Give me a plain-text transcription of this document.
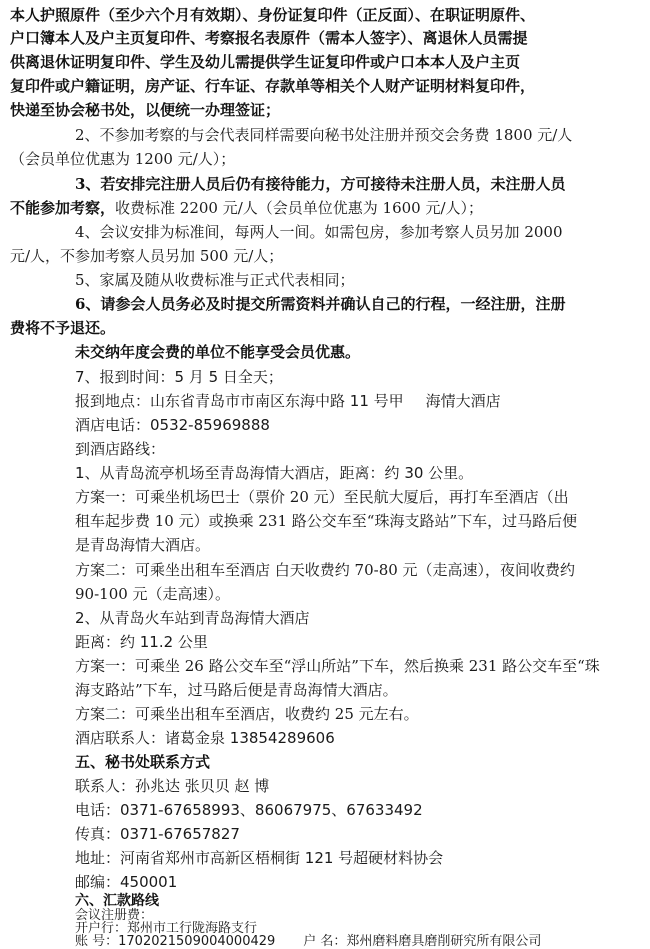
本人护照原件（至少六个月有效期）、身份证复印件（正反面）、在职证明原件、
户口簿本人及户主页复印件、考察报名表原件（需本人签字）、离退休人员需提
供离退休证明复印件、学生及幼儿需提供学生证复印件或户口本本人及户主页
复印件或户籍证明，房产证、行车证、存款单等相关个人财产证明材料复印件，
快递至协会秘书处，以便统一办理签证；
2、不参加考察的与会代表同样需要向秘书处注册并预交会务费 1800 元/人
（会员单位优惠为 1200 元/人）；
3、若安排完注册人员后仍有接待能力，方可接待未注册人员，未注册人员
不能参加考察，收费标准 2200 元/人（会员单位优惠为 1600 元/人）；
4、会议安排为标准间，每两人一间。如需包房，参加考察人员另加 2000
元/人，不参加考察人员另加 500 元/人；
5、家属及随从收费标准与正式代表相同；
6、请参会人员务必及时提交所需资料并确认自己的行程，一经注册，注册
费将不予退还。
未交纳年度会费的单位不能享受会员优惠。
7、报到时间：5 月 5 日全天；
报到地点：山东省青岛市市南区东海中路 11 号甲 海情大酒店
酒店电话：0532-85969888
到酒店路线：
1、从青岛流亭机场至青岛海情大酒店，距离：约 30 公里。
方案一：可乘坐机场巴士（票价 20 元）至民航大厦后，再打车至酒店（出
租车起步费 10 元）或换乘 231 路公交车至“珠海支路站”下车，过马路后便
是青岛海情大酒店。
方案二：可乘坐出租车至酒店 白天收费约 70-80 元（走高速），夜间收费约
90-100 元（走高速）。
2、从青岛火车站到青岛海情大酒店
距离：约 11.2 公里
方案一：可乘坐 26 路公交车至“浮山所站”下车，然后换乘 231 路公交车至“珠
海支路站”下车，过马路后便是青岛海情大酒店。
方案二：可乘坐出租车至酒店，收费约 25 元左右。
酒店联系人：诸葛金泉 13854289606
五、秘书处联系方式
联系人：孙兆达 张贝贝 赵 博
电话：0371-67658993、86067975、67633492
传真：0371-67657827
地址：河南省郑州市高新区梧桐街 121 号超硬材料协会
邮编：450001
六、汇款路线
会议注册费：
开户行：郑州市工行陇海路支行
账 号：1702021509004000429 户 名：郑州磨料磨具磨削研究所有限公司
